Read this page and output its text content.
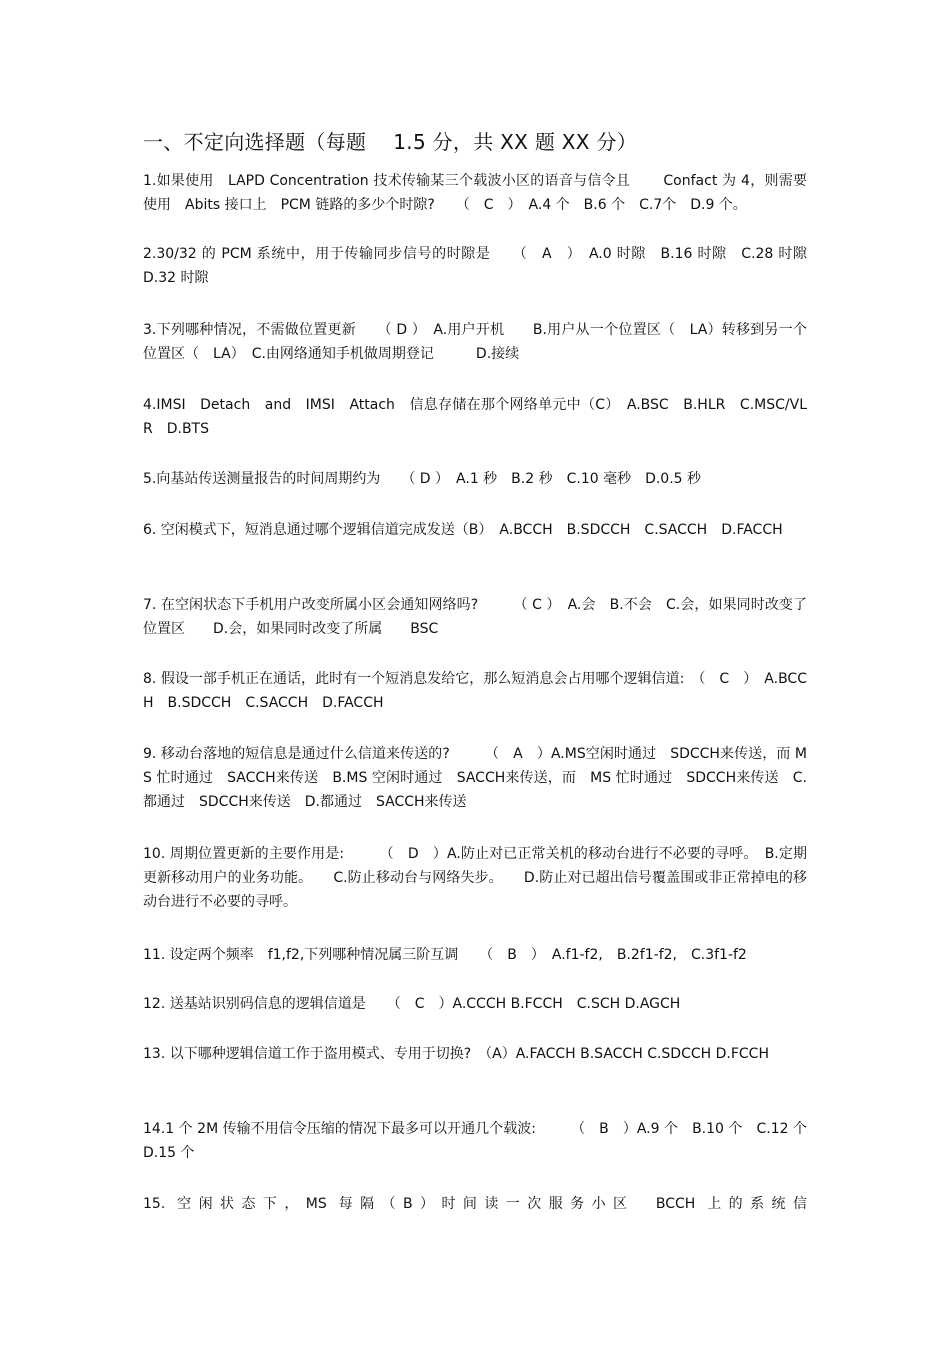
一、不定向选择题（每题　 1.5 分，共 XX 题 XX 分）
1.如果使用　LAPD Concentration 技术传输某三个载波小区的语音与信令且　　 Confact 为 4，则需要使用　Abits 接口上　PCM 链路的多少个时隙?　　（　C　）　A.4 个　B.6 个　C.7个　D.9 个。
2.30/32 的 PCM 系统中，用于传输同步信号的时隙是　　（　A　）　A.0 时隙　B.16 时隙　C.28 时隙　D.32 时隙
3.下列哪种情况，不需做位置更新　　（ D ）　A.用户开机　　B.用户从一个位置区（　LA）转移到另一个位置区（　LA）　C.由网络通知手机做周期登记　　　D.接续
4.IMSI　Detach　and　IMSI　Attach　信息存储在那个网络单元中（C）　A.BSC　B.HLR　C.MSC/VLR　D.BTS
5.向基站传送测量报告的时间周期约为　　（ D ）　A.1 秒　B.2 秒　C.10 毫秒　D.0.5 秒
6. 空闲模式下，短消息通过哪个逻辑信道完成发送（B）　A.BCCH　B.SDCCH　C.SACCH　D.FACCH
7. 在空闲状态下手机用户改变所属小区会通知网络吗?　　　（ C ）　A.会　B.不会　C.会，如果同时改变了位置区　　D.会，如果同时改变了所属　　BSC
8. 假设一部手机正在通话，此时有一个短消息发给它，那么短消息会占用哪个逻辑信道:　（　C　）　A.BCCH　B.SDCCH　C.SACCH　D.FACCH
9. 移动台落地的短信息是通过什么信道来传送的?　　　（　A　）A.MS空闲时通过　SDCCH来传送，而 MS 忙时通过　SACCH来传送　B.MS 空闲时通过　SACCH来传送，而　MS 忙时通过　SDCCH来传送　C.都通过　SDCCH来传送　D.都通过　SACCH来传送
10. 周期位置更新的主要作用是:　　　（　D　）A.防止对已正常关机的移动台进行不必要的寻呼。　B.定期更新移动用户的业务功能。　　C.防止移动台与网络失步。　　D.防止对已超出信号覆盖围或非正常掉电的移动台进行不必要的寻呼。
11. 设定两个频率　f1,f2,下列哪种情况属三阶互调　　（　B　）　A.f1-f2,　B.2f1-f2,　C.3f1-f2
12. 送基站识别码信息的逻辑信道是　　（　C　）A.CCCH B.FCCH　C.SCH D.AGCH
13. 以下哪种逻辑信道工作于盗用模式、专用于切换?　（A）A.FACCH B.SACCH C.SDCCH D.FCCH
14.1 个 2M 传输不用信令压缩的情况下最多可以开通几个载波:　　　（　B　）A.9 个　B.10 个　C.12 个　D.15 个
15. 空闲状态下，MS 每隔（B）时间读一次服务小区　BCCH 上的系统信
